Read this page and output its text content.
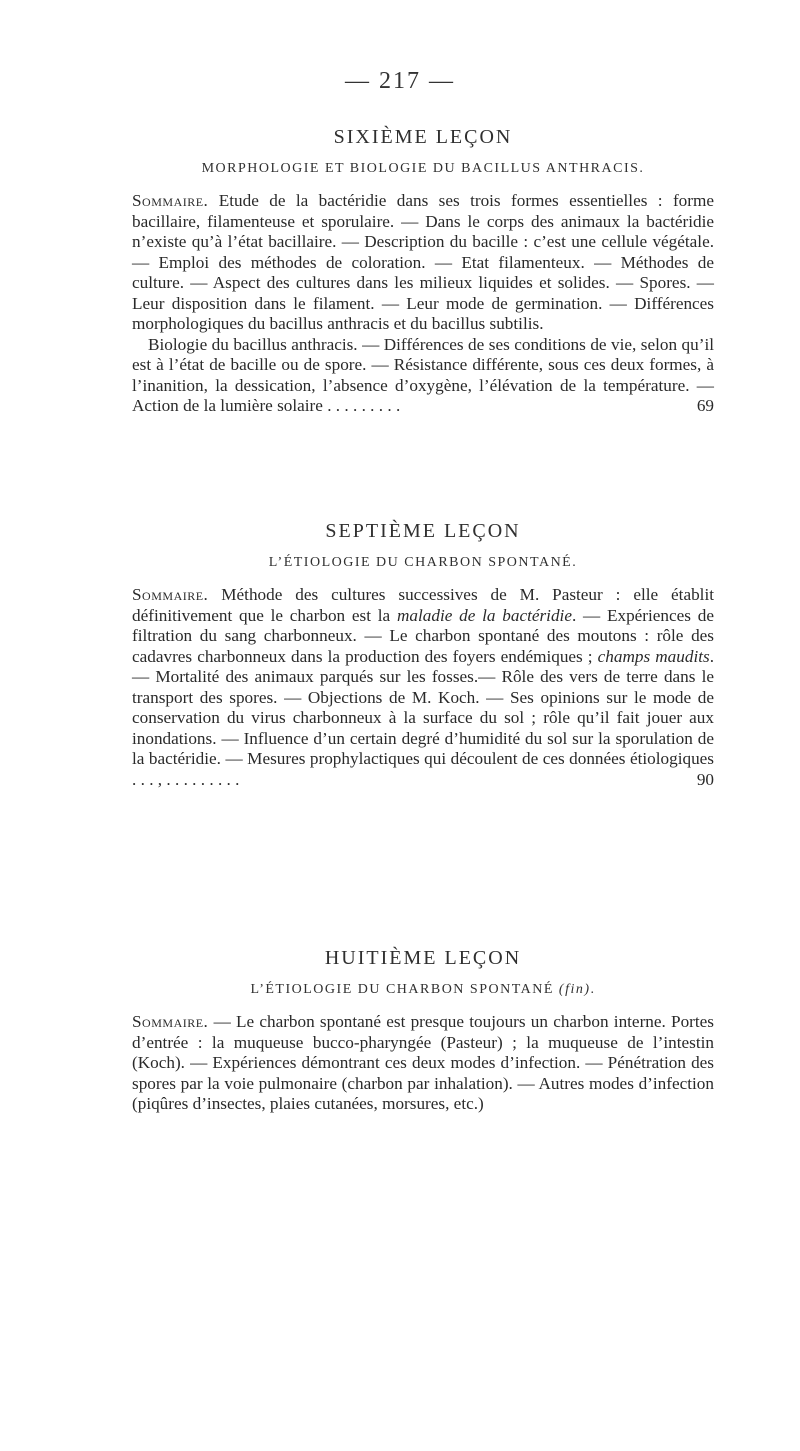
— 217 —
SIXIÈME LEÇON
MORPHOLOGIE ET BIOLOGIE DU BACILLUS ANTHRACIS.

Sommaire. Etude de la bactéridie dans ses trois formes essentielles : forme bacillaire, filamenteuse et sporulaire. — Dans le corps des animaux la bactéridie n’existe qu’à l’état bacillaire. — Description du bacille : c’est une cellule végétale. — Emploi des méthodes de coloration. — Etat filamenteux. — Méthodes de culture. — Aspect des cultures dans les milieux liquides et solides. — Spores. — Leur disposition dans le filament. — Leur mode de germination. — Différences morphologiques du bacillus anthracis et du bacillus subtilis.

Biologie du bacillus anthracis. — Différences de ses conditions de vie, selon qu’il est à l’état de bacille ou de spore. — Résistance différente, sous ces deux formes, à l’inanition, la dessication, l’absence d’oxygène, l’élévation de la température. — Action de la lumière solaire . . . . . . . . .	69

SEPTIÈME LEÇON
L’ÉTIOLOGIE DU CHARBON SPONTANÉ.

Sommaire. Méthode des cultures successives de M. Pasteur : elle établit définitivement que le charbon est la maladie de la bactéridie. — Expériences de filtration du sang charbonneux. — Le charbon spontané des moutons : rôle des cadavres charbonneux dans la production des foyers endémiques ; champs maudits. — Mortalité des animaux parqués sur les fosses.— Rôle des vers de terre dans le transport des spores. — Objections de M. Koch. — Ses opinions sur le mode de conservation du virus charbonneux à la surface du sol ; rôle qu’il fait jouer aux inondations. — Influence d’un certain degré d’humidité du sol sur la sporulation de la bactéridie. — Mesures prophylactiques qui découlent de ces données étiologiques . . . , . . . . . . . . .	90

HUITIÈME LEÇON
L’ÉTIOLOGIE DU CHARBON SPONTANÉ (fin).

Sommaire. — Le charbon spontané est presque toujours un charbon interne. Portes d’entrée : la muqueuse bucco-pharyngée (Pasteur) ; la muqueuse de l’intestin (Koch). — Expériences démontrant ces deux modes d’infection. — Pénétration des spores par la voie pulmonaire (charbon par inhalation). — Autres modes d’infection (piqûres d’insectes, plaies cutanées, morsures, etc.)
